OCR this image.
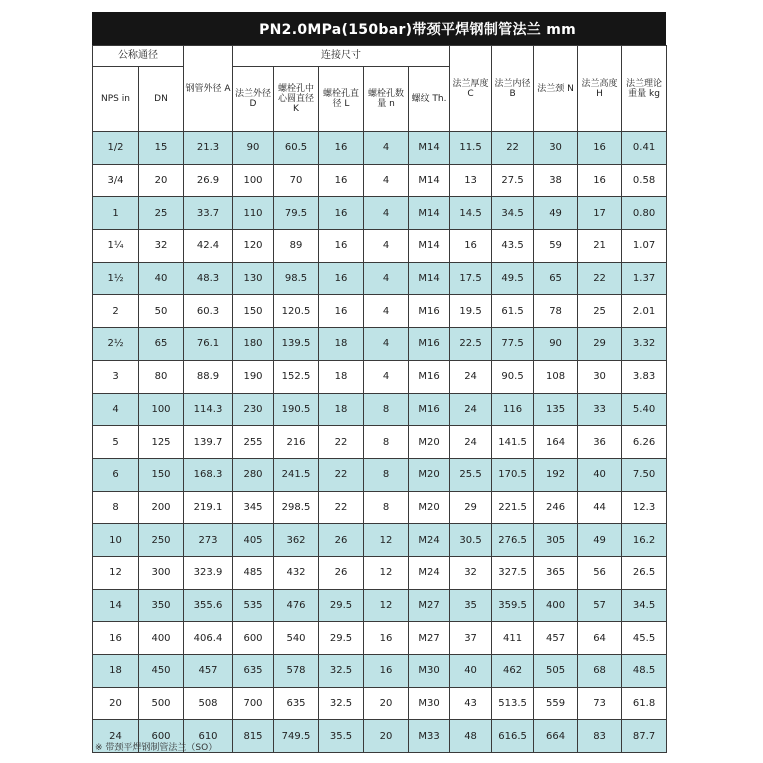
PN2.0MPa(150bar)带颈平焊钢制管法兰 mm
公称通径		钢管外径 A	连接尺寸					法兰厚度 C	法兰内径 B	法兰颈 N	法兰高度 H	法兰理论重量 kg
NPS in	DN		法兰外径 D	螺栓孔中心圆直径 K	螺栓孔直径 L	螺栓孔数量 n	螺纹 Th.					
1/2	15	21.3	90	60.5	16	4	M14	11.5	22	30	16	0.41
3/4	20	26.9	100	70	16	4	M14	13	27.5	38	16	0.58
1	25	33.7	110	79.5	16	4	M14	14.5	34.5	49	17	0.80
1¼	32	42.4	120	89	16	4	M14	16	43.5	59	21	1.07
1½	40	48.3	130	98.5	16	4	M14	17.5	49.5	65	22	1.37
2	50	60.3	150	120.5	16	4	M16	19.5	61.5	78	25	2.01
2½	65	76.1	180	139.5	18	4	M16	22.5	77.5	90	29	3.32
3	80	88.9	190	152.5	18	4	M16	24	90.5	108	30	3.83
4	100	114.3	230	190.5	18	8	M16	24	116	135	33	5.40
5	125	139.7	255	216	22	8	M20	24	141.5	164	36	6.26
6	150	168.3	280	241.5	22	8	M20	25.5	170.5	192	40	7.50
8	200	219.1	345	298.5	22	8	M20	29	221.5	246	44	12.3
10	250	273	405	362	26	12	M24	30.5	276.5	305	49	16.2
12	300	323.9	485	432	26	12	M24	32	327.5	365	56	26.5
14	350	355.6	535	476	29.5	12	M27	35	359.5	400	57	34.5
16	400	406.4	600	540	29.5	16	M27	37	411	457	64	45.5
18	450	457	635	578	32.5	16	M30	40	462	505	68	48.5
20	500	508	700	635	32.5	20	M30	43	513.5	559	73	61.8
24	600	610	815	749.5	35.5	20	M33	48	616.5	664	83	87.7
※ 带颈平焊钢制管法兰（SO）
